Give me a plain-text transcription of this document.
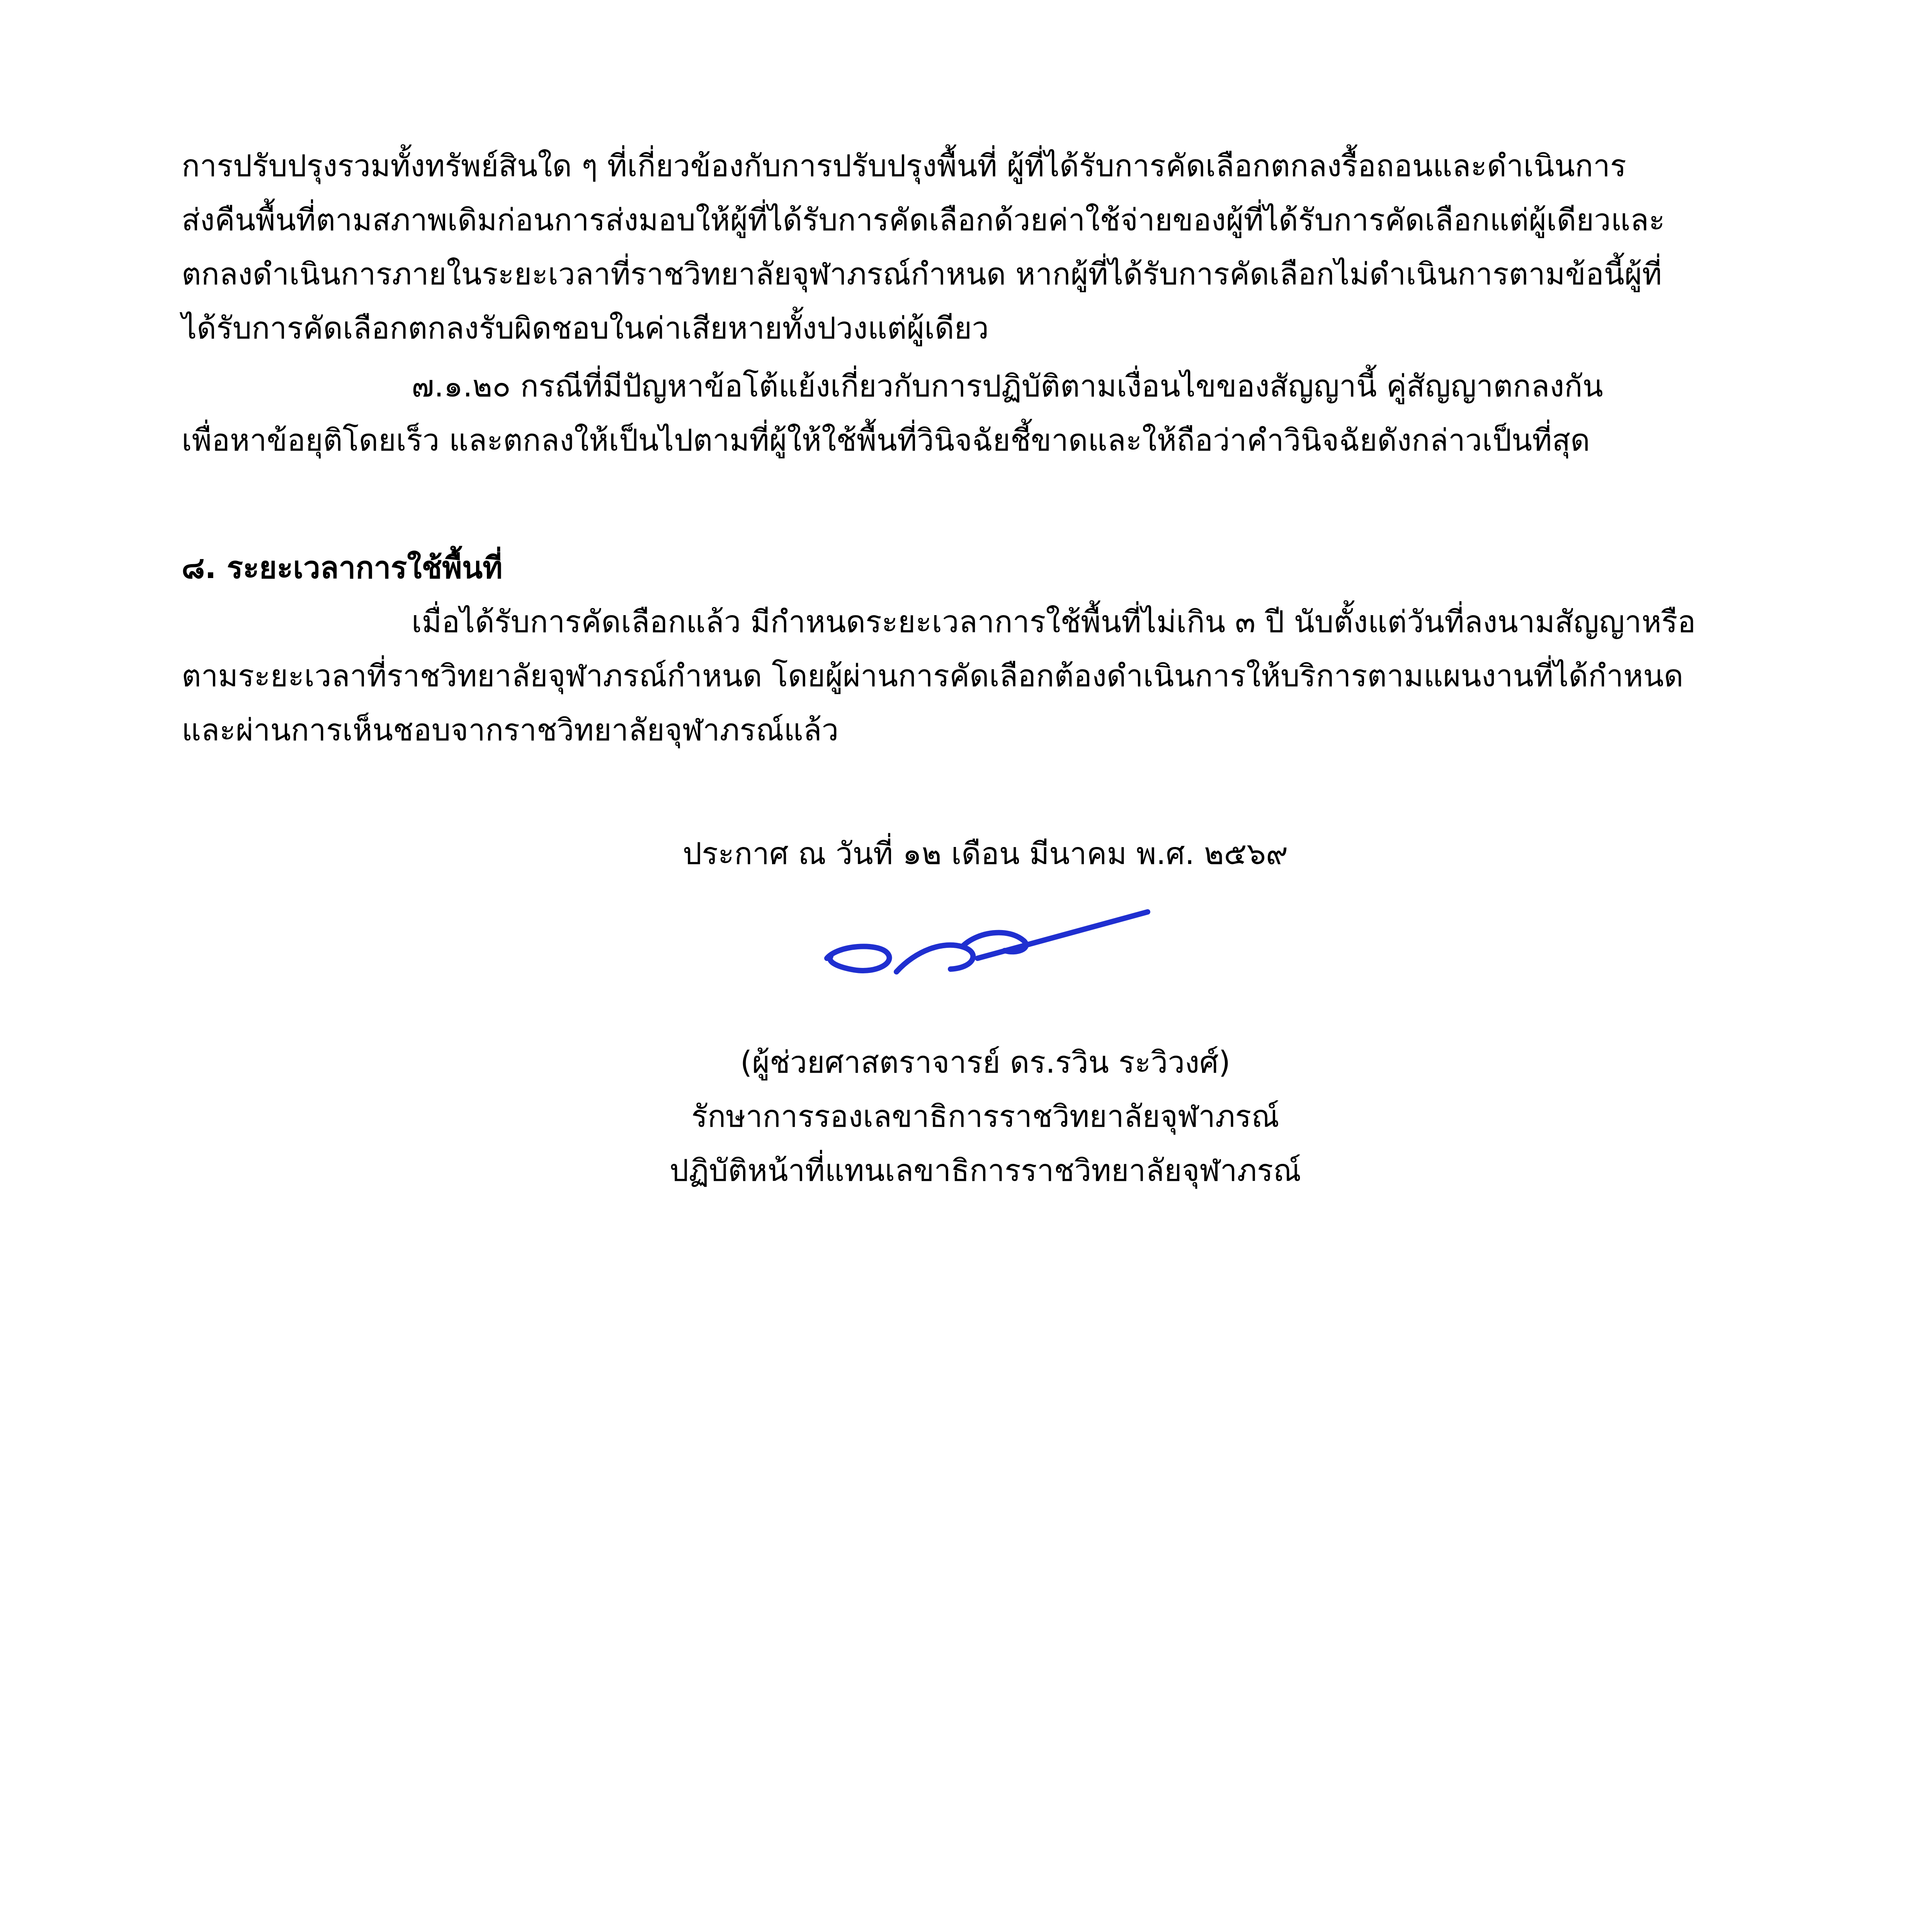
การปรับปรุงรวมทั้งทรัพย์สินใด ๆ ที่เกี่ยวข้องกับการปรับปรุงพื้นที่ ผู้ที่ได้รับการคัดเลือกตกลงรื้อถอนและดำเนินการ
ส่งคืนพื้นที่ตามสภาพเดิมก่อนการส่งมอบให้ผู้ที่ได้รับการคัดเลือกด้วยค่าใช้จ่ายของผู้ที่ได้รับการคัดเลือกแต่ผู้เดียวและ
ตกลงดำเนินการภายในระยะเวลาที่ราชวิทยาลัยจุฬาภรณ์กำหนด หากผู้ที่ได้รับการคัดเลือกไม่ดำเนินการตามข้อนี้ผู้ที่
ได้รับการคัดเลือกตกลงรับผิดชอบในค่าเสียหายทั้งปวงแต่ผู้เดียว
๗.๑.๒๐ กรณีที่มีปัญหาข้อโต้แย้งเกี่ยวกับการปฏิบัติตามเงื่อนไขของสัญญานี้ คู่สัญญาตกลงกัน
เพื่อหาข้อยุติโดยเร็ว และตกลงให้เป็นไปตามที่ผู้ให้ใช้พื้นที่วินิจฉัยชี้ขาดและให้ถือว่าคำวินิจฉัยดังกล่าวเป็นที่สุด
๘. ระยะเวลาการใช้พื้นที่
เมื่อได้รับการคัดเลือกแล้ว มีกำหนดระยะเวลาการใช้พื้นที่ไม่เกิน ๓ ปี นับตั้งแต่วันที่ลงนามสัญญาหรือ
ตามระยะเวลาที่ราชวิทยาลัยจุฬาภรณ์กำหนด โดยผู้ผ่านการคัดเลือกต้องดำเนินการให้บริการตามแผนงานที่ได้กำหนด
และผ่านการเห็นชอบจากราชวิทยาลัยจุฬาภรณ์แล้ว
ประกาศ ณ วันที่ ๑๒ เดือน มีนาคม พ.ศ. ๒๕๖๙
(ผู้ช่วยศาสตราจารย์ ดร.รวิน ระวิวงศ์)
รักษาการรองเลขาธิการราชวิทยาลัยจุฬาภรณ์
ปฏิบัติหน้าที่แทนเลขาธิการราชวิทยาลัยจุฬาภรณ์
